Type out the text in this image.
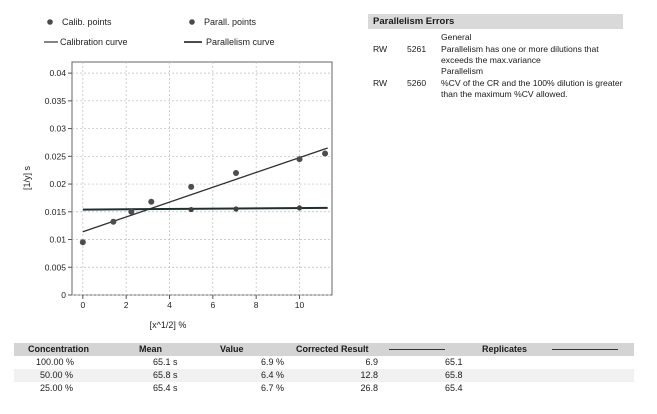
Calib. points	Parall. points
Calibration curve	Parallelism curve
0
0.005
0.01
0.015
0.02
0.025
0.03
0.035
0.04
0	2	4	6	8	10
[x^1/2] %
[1/y] s
Parallelism Errors
General
RW	5261	Parallelism has one or more dilutions that exceeds the max.variance
Parallelism
RW	5260	%CV of the CR and the 100% dilution is greater than the maximum %CV allowed.
Concentration	Mean	Value	Corrected Result	Replicates
100.00 %	65.1 s	6.9 %	6.9	65.1
50.00 %	65.8 s	6.4 %	12.8	65.8
25.00 %	65.4 s	6.7 %	26.8	65.4
